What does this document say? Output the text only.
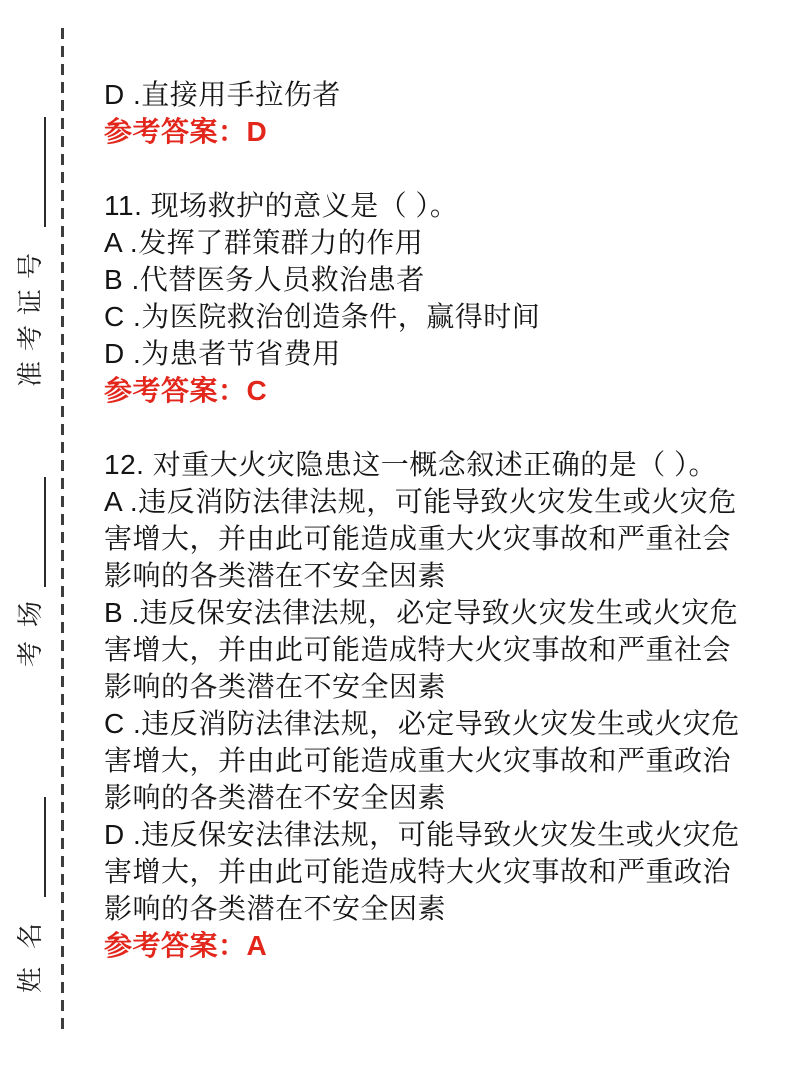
姓名
考场
准考证号

D .直接用手拉伤者

参考答案：D

11. 现场救护的意义是（ ）。

A .发挥了群策群力的作用

B .代替医务人员救治患者

C .为医院救治创造条件，赢得时间

D .为患者节省费用

参考答案：C

12. 对重大火灾隐患这一概念叙述正确的是（ ）。

A .违反消防法律法规，可能导致火灾发生或火灾危害增大，并由此可能造成重大火灾事故和严重社会影响的各类潜在不安全因素

B .违反保安法律法规，必定导致火灾发生或火灾危害增大，并由此可能造成特大火灾事故和严重社会影响的各类潜在不安全因素

C .违反消防法律法规，必定导致火灾发生或火灾危害增大，并由此可能造成重大火灾事故和严重政治影响的各类潜在不安全因素

D .违反保安法律法规，可能导致火灾发生或火灾危害增大，并由此可能造成特大火灾事故和严重政治影响的各类潜在不安全因素

参考答案：A
